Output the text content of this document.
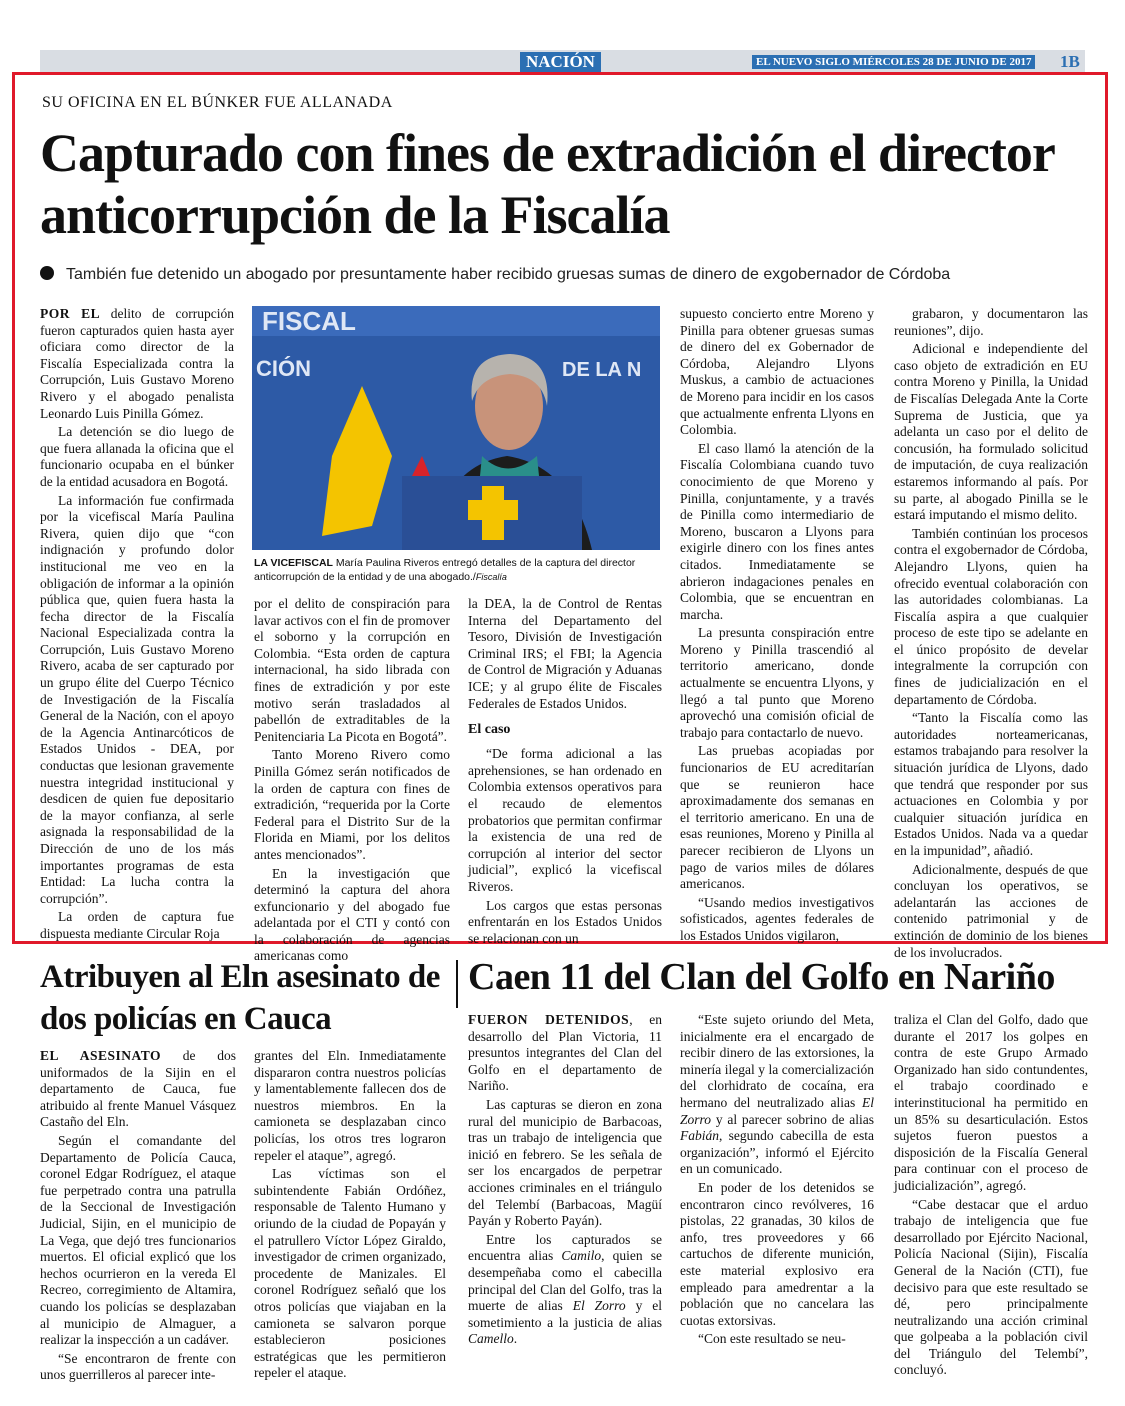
NACIÓN	EL NUEVO SIGLO MIÉRCOLES 28 DE JUNIO DE 2017 1B
SU OFICINA EN EL BÚNKER FUE ALLANADA
Capturado con fines de extradición el director anticorrupción de la Fiscalía
También fue detenido un abogado por presuntamente haber recibido gruesas sumas de dinero de exgobernador de Córdoba

POR EL delito de corrupción fueron capturados quien hasta ayer oficiara como director de la Fiscalía Especializada contra la Corrupción, Luis Gustavo Moreno Rivero y el abogado penalista Leonardo Luis Pinilla Gómez.

La detención se dio luego de que fuera allanada la oficina que el funcionario ocupaba en el búnker de la entidad acusadora en Bogotá.

La información fue confirmada por la vicefiscal María Paulina Rivera, quien dijo que “con indignación y profundo dolor institucional me veo en la obligación de informar a la opinión pública que, quien fuera hasta la fecha director de la Fiscalía Nacional Especializada contra la Corrupción, Luis Gustavo Moreno Rivero, acaba de ser capturado por un grupo élite del Cuerpo Técnico de Investigación de la Fiscalía General de la Nación, con el apoyo de la Agencia Antinarcóticos de Estados Unidos - DEA, por conductas que lesionan gravemente nuestra integridad institucional y desdicen de quien fue depositario de la mayor confianza, al serle asignada la responsabilidad de la Dirección de uno de los más importantes programas de esta Entidad: La lucha contra la corrupción”.

La orden de captura fue dispuesta mediante Circular Roja

FISCAL
CIÓN	DE LA N
LA VICEFISCAL María Paulina Riveros entregó detalles de la captura del director anticorrupción de la entidad y de una abogado./Fiscalía

por el delito de conspiración para lavar activos con el fin de promover el soborno y la corrupción en Colombia. “Esta orden de captura internacional, ha sido librada con fines de extradición y por este motivo serán trasladados al pabellón de extraditables de la Penitenciaria La Picota en Bogotá”.

Tanto Moreno Rivero como Pinilla Gómez serán notificados de la orden de captura con fines de extradición, “requerida por la Corte Federal para el Distrito Sur de la Florida en Miami, por los delitos antes mencionados”.

En la investigación que determinó la captura del ahora exfuncionario y del abogado fue adelantada por el CTI y contó con la colaboración de agencias americanas como

la DEA, la de Control de Rentas Interna del Departamento del Tesoro, División de Investigación Criminal IRS; el FBI; la Agencia de Control de Migración y Aduanas ICE; y al grupo élite de Fiscales Federales de Estados Unidos.

El caso

“De forma adicional a las aprehensiones, se han ordenado en Colombia extensos operativos para el recaudo de elementos probatorios que permitan confirmar la existencia de una red de corrupción al interior del sector judicial”, explicó la vicefiscal Riveros.

Los cargos que estas personas enfrentarán en los Estados Unidos se relacionan con un

supuesto concierto entre Moreno y Pinilla para obtener gruesas sumas de dinero del ex Gobernador de Córdoba, Alejandro Llyons Muskus, a cambio de actuaciones de Moreno para incidir en los casos que actualmente enfrenta Llyons en Colombia.

El caso llamó la atención de la Fiscalía Colombiana cuando tuvo conocimiento de que Moreno y Pinilla, conjuntamente, y a través de Pinilla como intermediario de Moreno, buscaron a Llyons para exigirle dinero con los fines antes citados. Inmediatamente se abrieron indagaciones penales en Colombia, que se encuentran en marcha.

La presunta conspiración entre Moreno y Pinilla trascendió al territorio americano, donde actualmente se encuentra Llyons, y llegó a tal punto que Moreno aprovechó una comisión oficial de trabajo para contactarlo de nuevo.

Las pruebas acopiadas por funcionarios de EU acreditarían que se reunieron hace aproximadamente dos semanas en el territorio americano. En una de esas reuniones, Moreno y Pinilla al parecer recibieron de Llyons un pago de varios miles de dólares americanos.

“Usando medios investigativos sofisticados, agentes federales de los Estados Unidos vigilaron,

grabaron, y documentaron las reuniones”, dijo.

Adicional e independiente del caso objeto de extradición en EU contra Moreno y Pinilla, la Unidad de Fiscalías Delegada Ante la Corte Suprema de Justicia, que ya adelanta un caso por el delito de concusión, ha formulado solicitud de imputación, de cuya realización estaremos informando al país. Por su parte, al abogado Pinilla se le estará imputando el mismo delito.

También continúan los procesos contra el exgobernador de Córdoba, Alejandro Llyons, quien ha ofrecido eventual colaboración con las autoridades colombianas. La Fiscalía aspira a que cualquier proceso de este tipo se adelante en el único propósito de develar integralmente la corrupción con fines de judicialización en el departamento de Córdoba.

“Tanto la Fiscalía como las autoridades norteamericanas, estamos trabajando para resolver la situación jurídica de Llyons, dado que tendrá que responder por sus actuaciones en Colombia y por cualquier situación jurídica en Estados Unidos. Nada va a quedar en la impunidad”, añadió.

Adicionalmente, después de que concluyan los operativos, se adelantarán las acciones de contenido patrimonial y de extinción de dominio de los bienes de los involucrados.

Atribuyen al Eln asesinato de dos policías en Cauca

EL ASESINATO de dos uniformados de la Sijin en el departamento de Cauca, fue atribuido al frente Manuel Vásquez Castaño del Eln.

Según el comandante del Departamento de Policía Cauca, coronel Edgar Rodríguez, el ataque fue perpetrado contra una patrulla de la Seccional de Investigación Judicial, Sijin, en el municipio de La Vega, que dejó tres funcionarios muertos. El oficial explicó que los hechos ocurrieron en la vereda El Recreo, corregimiento de Altamira, cuando los policías se desplazaban al municipio de Almaguer, a realizar la inspección a un cadáver.

“Se encontraron de frente con unos guerrilleros al parecer inte-

grantes del Eln. Inmediatamente dispararon contra nuestros policías y lamentablemente fallecen dos de nuestros miembros. En la camioneta se desplazaban cinco policías, los otros tres lograron repeler el ataque”, agregó.

Las víctimas son el subintendente Fabián Ordóñez, responsable de Talento Humano y oriundo de la ciudad de Popayán y el patrullero Víctor López Giraldo, investigador de crimen organizado, procedente de Manizales. El coronel Rodríguez señaló que los otros policías que viajaban en la camioneta se salvaron porque establecieron posiciones estratégicas que les permitieron repeler el ataque.

Caen 11 del Clan del Golfo en Nariño

FUERON DETENIDOS, en desarrollo del Plan Victoria, 11 presuntos integrantes del Clan del Golfo en el departamento de Nariño.

Las capturas se dieron en zona rural del municipio de Barbacoas, tras un trabajo de inteligencia que inició en febrero. Se les señala de ser los encargados de perpetrar acciones criminales en el triángulo del Telembí (Barbacoas, Magüí Payán y Roberto Payán).

Entre los capturados se encuentra alias Camilo, quien se desempeñaba como el cabecilla principal del Clan del Golfo, tras la muerte de alias El Zorro y el sometimiento a la justicia de alias Camello.

“Este sujeto oriundo del Meta, inicialmente era el encargado de recibir dinero de las extorsiones, la minería ilegal y la comercialización del clorhidrato de cocaína, era hermano del neutralizado alias El Zorro y al parecer sobrino de alias Fabián, segundo cabecilla de esta organización”, informó el Ejército en un comunicado.

En poder de los detenidos se encontraron cinco revólveres, 16 pistolas, 22 granadas, 30 kilos de anfo, tres proveedores y 66 cartuchos de diferente munición, este material explosivo era empleado para amedrentar a la población que no cancelara las cuotas extorsivas.

“Con este resultado se neu-

traliza el Clan del Golfo, dado que durante el 2017 los golpes en contra de este Grupo Armado Organizado han sido contundentes, el trabajo coordinado e interinstitucional ha permitido en un 85% su desarticulación. Estos sujetos fueron puestos a disposición de la Fiscalía General para continuar con el proceso de judicialización”, agregó.

“Cabe destacar que el arduo trabajo de inteligencia que fue desarrollado por Ejército Nacional, Policía Nacional (Sijin), Fiscalía General de la Nación (CTI), fue decisivo para que este resultado se dé, pero principalmente neutralizando una acción criminal que golpeaba a la población civil del Triángulo del Telembí”, concluyó.
